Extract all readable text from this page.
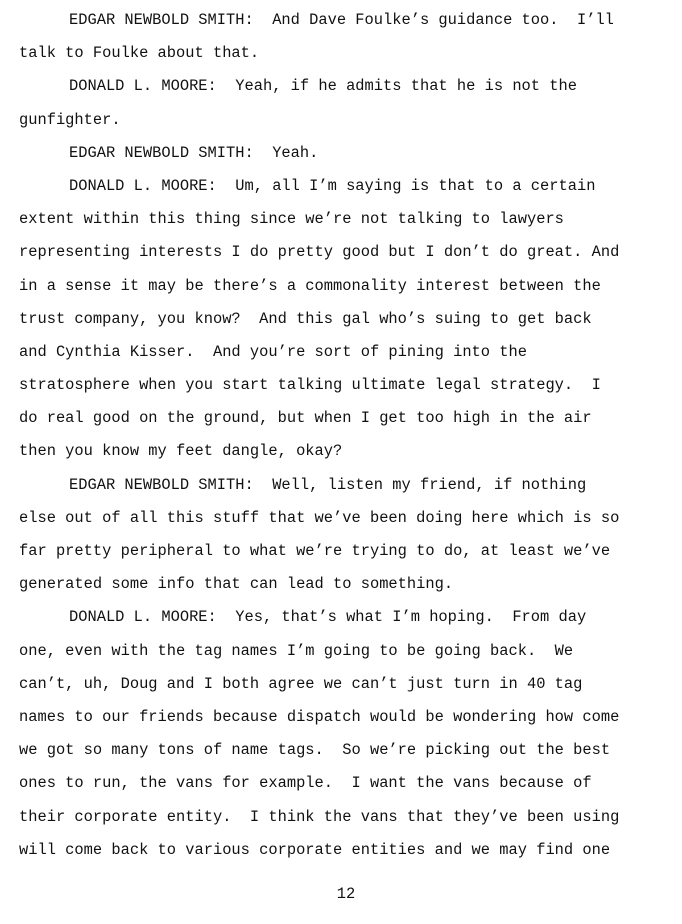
EDGAR NEWBOLD SMITH:  And Dave Foulke’s guidance too.  I’ll
talk to Foulke about that.
DONALD L. MOORE:  Yeah, if he admits that he is not the
gunfighter.
EDGAR NEWBOLD SMITH:  Yeah.
DONALD L. MOORE:  Um, all I’m saying is that to a certain
extent within this thing since we’re not talking to lawyers
representing interests I do pretty good but I don’t do great. And
in a sense it may be there’s a commonality interest between the
trust company, you know?  And this gal who’s suing to get back
and Cynthia Kisser.  And you’re sort of pining into the
stratosphere when you start talking ultimate legal strategy.  I
do real good on the ground, but when I get too high in the air
then you know my feet dangle, okay?
EDGAR NEWBOLD SMITH:  Well, listen my friend, if nothing
else out of all this stuff that we’ve been doing here which is so
far pretty peripheral to what we’re trying to do, at least we’ve
generated some info that can lead to something.
DONALD L. MOORE:  Yes, that’s what I’m hoping.  From day
one, even with the tag names I’m going to be going back.  We
can’t, uh, Doug and I both agree we can’t just turn in 40 tag
names to our friends because dispatch would be wondering how come
we got so many tons of name tags.  So we’re picking out the best
ones to run, the vans for example.  I want the vans because of
their corporate entity.  I think the vans that they’ve been using
will come back to various corporate entities and we may find one
12
